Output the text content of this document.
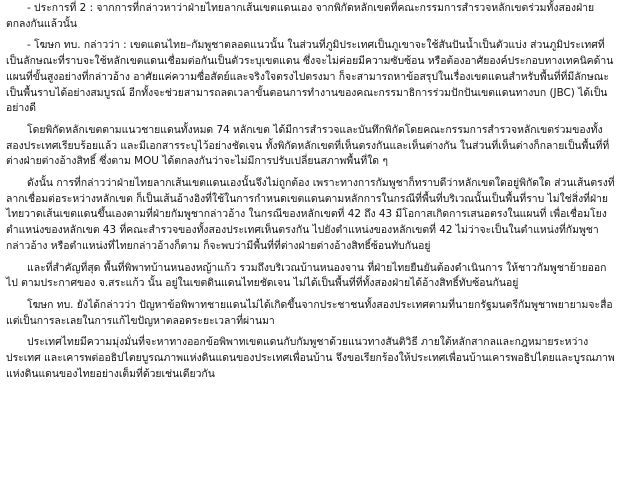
- ประการที่ 2 : จากการที่กล่าวหาว่าฝ่ายไทยลากเส้นเขตแดนเอง จากพิกัดหลักเขตที่คณะกรรมการสำรวจหลักเขตร่วมทั้งสองฝ่ายตกลงกันแล้วนั้น

- โฆษก ทบ. กล่าวว่า : เขตแดนไทย–กัมพูชาตลอดแนวนั้น ในส่วนที่ภูมิประเทศเป็นภูเขาจะใช้สันปันน้ำเป็นตัวแบ่ง ส่วนภูมิประเทศที่เป็นลักษณะที่ราบจะใช้หลักเขตแดนเชื่อมต่อกันเป็นตัวระบุเขตแดน ซึ่งจะไม่ค่อยมีความซับซ้อน หรือต้องอาศัยองค์ประกอบทางเทคนิคด้านแผนที่ขั้นสูงอย่างที่กล่าวอ้าง อาศัยแค่ความซื่อสัตย์และจริงใจตรงไปตรงมา ก็จะสามารถหาข้อสรุปในเรื่องเขตแดนสำหรับพื้นที่ที่มีลักษณะเป็นพื้นราบได้อย่างสมบูรณ์ อีกทั้งจะช่วยสามารถลดเวลาขั้นตอนการทำงานของคณะกรรมาธิการร่วมปักปันเขตแดนทางบก (JBC) ได้เป็นอย่างดี

โดยพิกัดหลักเขตตามแนวชายแดนทั้งหมด 74 หลักเขต ได้มีการสำรวจและบันทึกพิกัดโดยคณะกรรมการสำรวจหลักเขตร่วมของทั้งสองประเทศเรียบร้อยแล้ว และมีเอกสารระบุไว้อย่างชัดเจน ทั้งพิกัดหลักเขตที่เห็นตรงกันและเห็นต่างกัน ในส่วนที่เห็นต่างก็กลายเป็นพื้นที่ที่ต่างฝ่ายต่างอ้างสิทธิ์ ซึ่งตาม MOU ได้ตกลงกันว่าจะไม่มีการปรับเปลี่ยนสภาพพื้นที่ใด ๆ

ดังนั้น การที่กล่าวว่าฝ่ายไทยลากเส้นเขตแดนเองนั้นจึงไม่ถูกต้อง เพราะทางการกัมพูชาก็ทราบดีว่าหลักเขตใดอยู่พิกัดใด ส่วนเส้นตรงที่ลากเชื่อมต่อระหว่างหลักเขต ก็เป็นเส้นอ้างอิงที่ใช้ในการกำหนดเขตแดนตามหลักการในกรณีที่พื้นที่บริเวณนั้นเป็นพื้นที่ราบ ไม่ใช่สิ่งที่ฝ่ายไทยวาดเส้นเขตแดนขึ้นเองตามที่ฝ่ายกัมพูชากล่าวอ้าง ในกรณีของหลักเขตที่ 42 ถึง 43 มีโอกาสเกิดการเสนอตรงในแผนที่ เพื่อเชื่อมโยงตำแหน่งของหลักเขต 43 ที่คณะสำรวจของทั้งสองประเทศเห็นตรงกัน ไปยังตำแหน่งของหลักเขตที่ 42 ไม่ว่าจะเป็นในตำแหน่งที่กัมพูชากล่าวอ้าง หรือตำแหน่งที่ไทยกล่าวอ้างก็ตาม ก็จะพบว่ามีพื้นที่ที่ต่างฝ่ายต่างอ้างสิทธิ์ซ้อนทับกันอยู่

และที่สำคัญที่สุด พื้นที่พิพาทบ้านหนองหญ้าแก้ว รวมถึงบริเวณบ้านหนองจาน ที่ฝ่ายไทยยืนยันต้องดำเนินการ ให้ชาวกัมพูชาย้ายออกไป ตามประกาศของ จ.สระแก้ว นั้น อยู่ในเขตดินแดนไทยชัดเจน ไม่ได้เป็นพื้นที่ที่ทั้งสองฝ่ายได้อ้างสิทธิ์ทับซ้อนกันอยู่

โฆษก ทบ. ยังได้กล่าวว่า ปัญหาข้อพิพาทชายแดนไม่ได้เกิดขึ้นจากประชาชนทั้งสองประเทศตามที่นายกรัฐมนตรีกัมพูชาพยายามจะสื่อ แต่เป็นการละเลยในการแก้ไขปัญหาตลอดระยะเวลาที่ผ่านมา

ประเทศไทยมีความมุ่งมั่นที่จะหาทางออกข้อพิพาทเขตแดนกับกัมพูชาด้วยแนวทางสันติวิธี ภายใต้หลักสากลและกฎหมายระหว่างประเทศ และเคารพต่ออธิปไตยบูรณภาพแห่งดินแดนของประเทศเพื่อนบ้าน จึงขอเรียกร้องให้ประเทศเพื่อนบ้านเคารพอธิปไตยและบูรณภาพแห่งดินแดนของไทยอย่างเต็มที่ด้วยเช่นเดียวกัน
